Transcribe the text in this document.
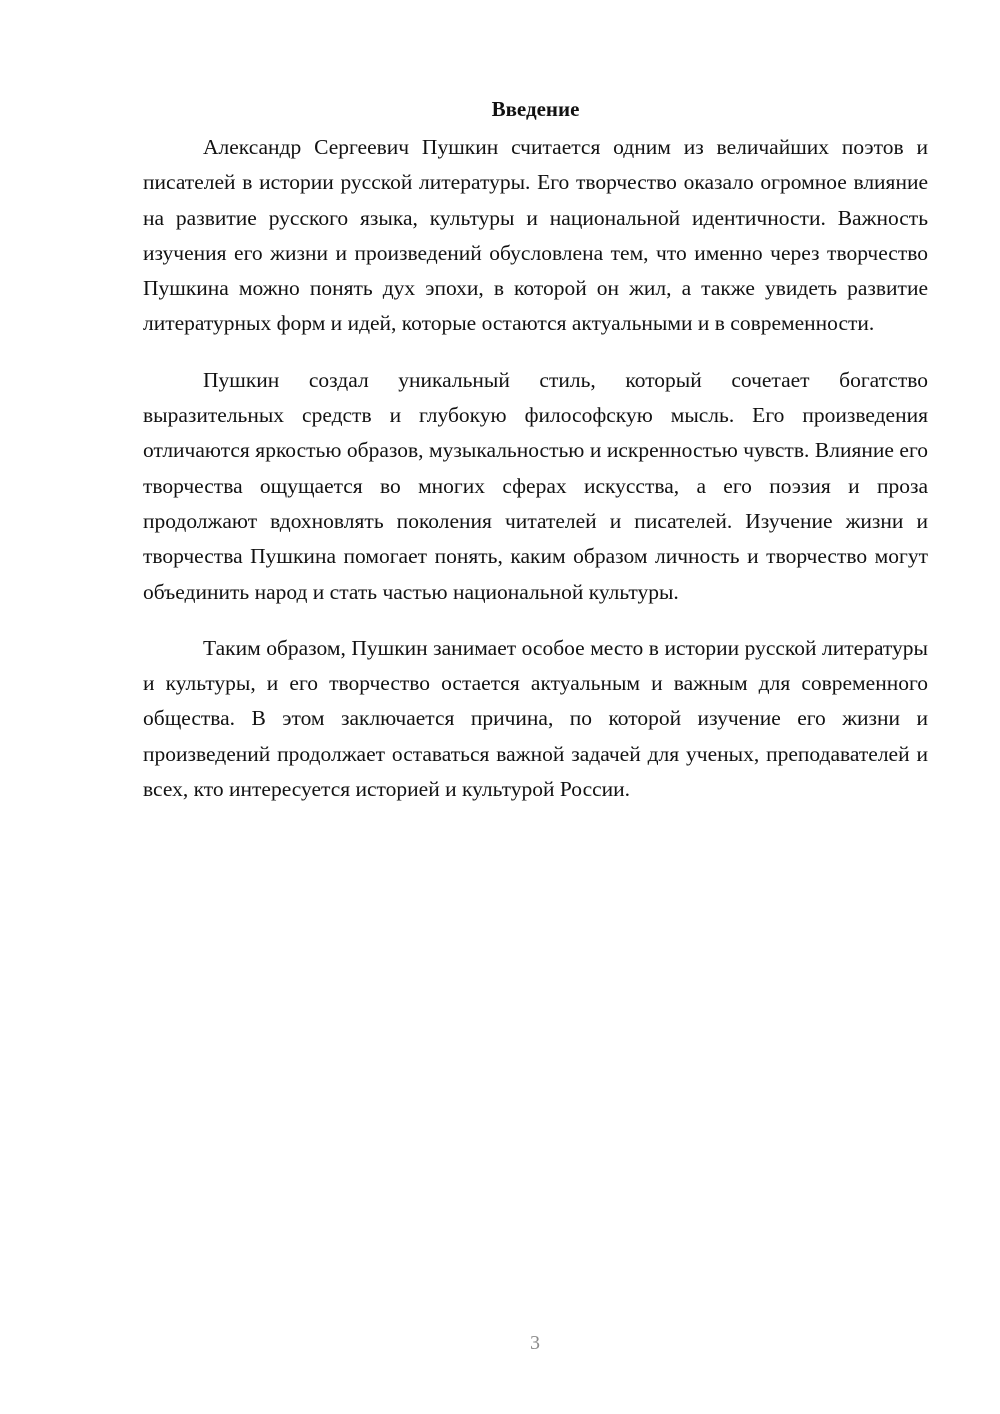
Введение

Александр Сергеевич Пушкин считается одним из величайших поэтов и писателей в истории русской литературы. Его творчество оказало огромное влияние на развитие русского языка, культуры и национальной идентичности. Важность изучения его жизни и произведений обусловлена тем, что именно через творчество Пушкина можно понять дух эпохи, в которой он жил, а также увидеть развитие литературных форм и идей, которые остаются актуальными и в современности.

Пушкин создал уникальный стиль, который сочетает богатство выразительных средств и глубокую философскую мысль. Его произведения отличаются яркостью образов, музыкальностью и искренностью чувств. Влияние его творчества ощущается во многих сферах искусства, а его поэзия и проза продолжают вдохновлять поколения читателей и писателей. Изучение жизни и творчества Пушкина помогает понять, каким образом личность и творчество могут объединить народ и стать частью национальной культуры.

Таким образом, Пушкин занимает особое место в истории русской литературы и культуры, и его творчество остается актуальным и важным для современного общества. В этом заключается причина, по которой изучение его жизни и произведений продолжает оставаться важной задачей для ученых, преподавателей и всех, кто интересуется историей и культурой России.

3
